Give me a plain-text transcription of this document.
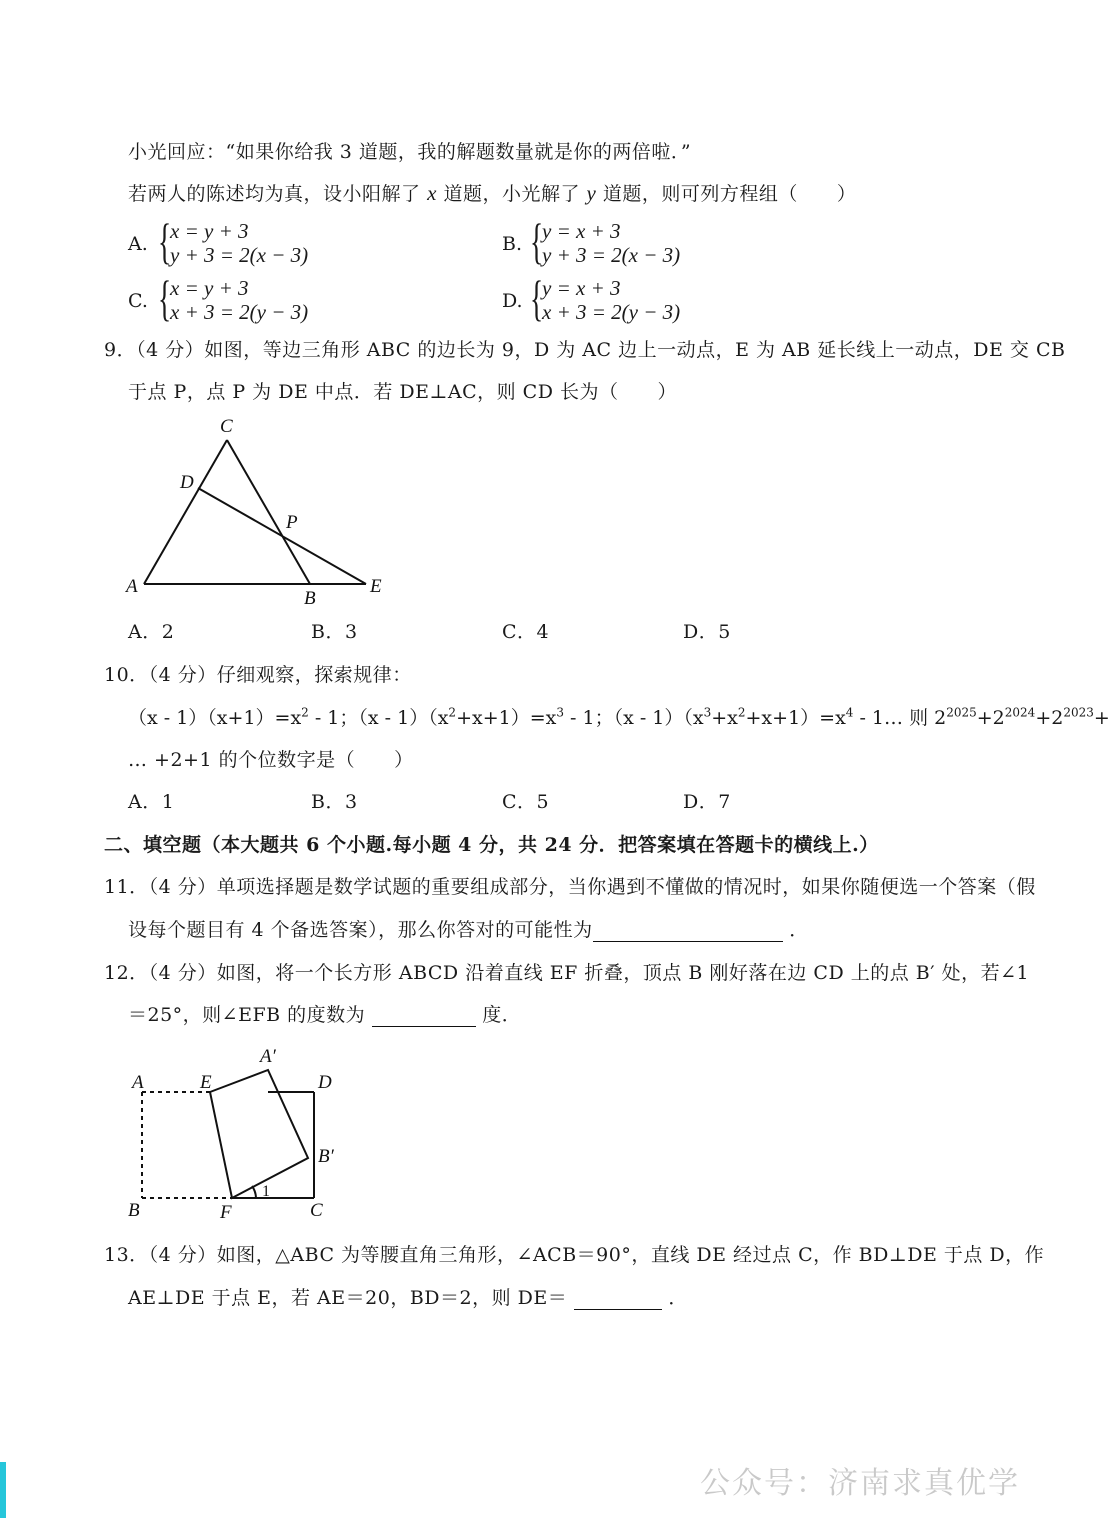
小光回应：“如果你给我 3 道题，我的解题数量就是你的两倍啦．”
若两人的陈述均为真，设小阳解了 x 道题，小光解了 y 道题，则可列方程组（　　）
A. {
x = y + 3
y + 3 = 2(x − 3)	B. {
y = x + 3
y + 3 = 2(x − 3)
C. {
x = y + 3
x + 3 = 2(y − 3)	D. {
y = x + 3
x + 3 = 2(y − 3)
9．（4 分）如图，等边三角形 ABC 的边长为 9，D 为 AC 边上一动点，E 为 AB 延长线上一动点，DE 交 CB
于点 P，点 P 为 DE 中点．若 DE⊥AC，则 CD 长为（　　）
C
D
P
A
B
E
A．2	B．3	C．4	D．5
10．（4 分）仔细观察，探索规律：
$(x - 1)(x+1)=x^2 - 1$；$(x - 1)(x^2+x+1)=x^3 - 1$；$(x - 1)(x^3+x^2+x+1)=x^4$ - 1… 则 $2^{2025}+2^{2024}+2^{2023}+$
… +2+1 的个位数字是（　　）
A．1	B．3	C．5	D．7
二、填空题（本大题共 6 个小题.每小题 4 分，共 24 分．把答案填在答题卡的横线上.）
11．（4 分）单项选择题是数学试题的重要组成部分，当你遇到不懂做的情况时，如果你随便选一个答案（假
设每个题目有 4 个备选答案），那么你答对的可能性为	．
12．（4 分）如图，将一个长方形 ABCD 沿着直线 EF 折叠，顶点 B 刚好落在边 CD 上的点 B′ 处，若∠1
＝25°，则∠EFB 的度数为	度．
A	E
A′
D
B′
B	F	C
1
13．（4 分）如图，△ABC 为等腰直角三角形，∠ACB＝90°，直线 DE 经过点 C，作 BD⊥DE 于点 D，作
AE⊥DE 于点 E，若 AE＝20，BD＝2，则 DE＝	．
公众号：济南求真优学
